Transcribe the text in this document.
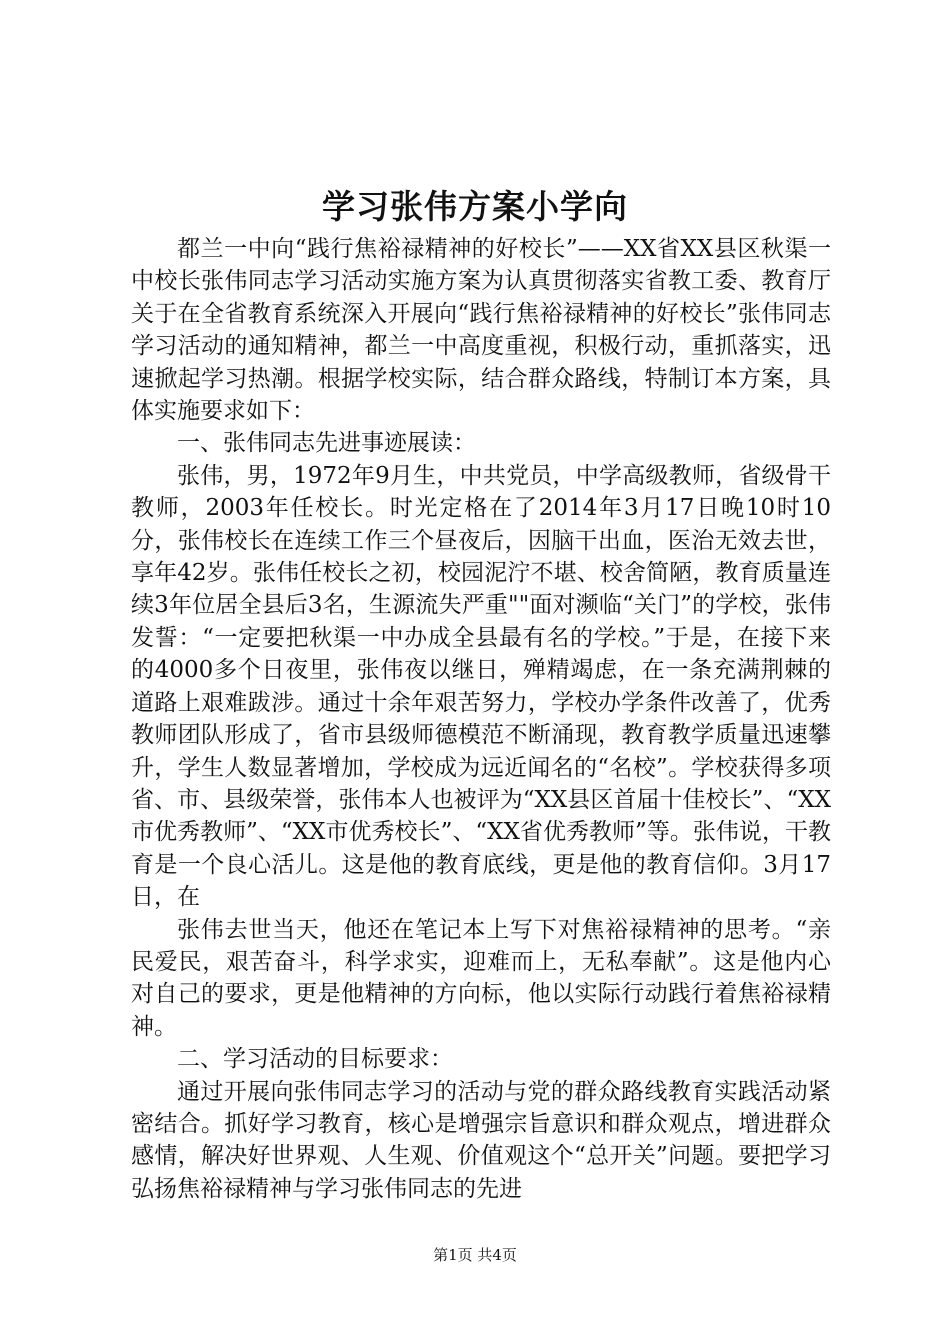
学习张伟方案小学向

都兰一中向“践行焦裕禄精神的好校长”——XX省XX县区秋渠一中校长张伟同志学习活动实施方案为认真贯彻落实省教工委、教育厅关于在全省教育系统深入开展向“践行焦裕禄精神的好校长”张伟同志学习活动的通知精神，都兰一中高度重视，积极行动，重抓落实，迅速掀起学习热潮。根据学校实际，结合群众路线，特制订本方案，具体实施要求如下：

一、张伟同志先进事迹展读：

张伟，男，1972年9月生，中共党员，中学高级教师，省级骨干教师，2003年任校长。时光定格在了2014年3月17日晚10时10分，张伟校长在连续工作三个昼夜后，因脑干出血，医治无效去世，享年42岁。张伟任校长之初，校园泥泞不堪、校舍简陋，教育质量连续3年位居全县后3名，生源流失严重""面对濒临“关门”的学校，张伟发誓：“一定要把秋渠一中办成全县最有名的学校。”于是，在接下来的4000多个日夜里，张伟夜以继日，殚精竭虑，在一条充满荆棘的道路上艰难跋涉。通过十余年艰苦努力，学校办学条件改善了，优秀教师团队形成了，省市县级师德模范不断涌现，教育教学质量迅速攀升，学生人数显著增加，学校成为远近闻名的“名校”。学校获得多项省、市、县级荣誉，张伟本人也被评为“XX县区首届十佳校长”、“XX市优秀教师”、“XX市优秀校长”、“XX省优秀教师”等。张伟说，干教育是一个良心活儿。这是他的教育底线，更是他的教育信仰。3月17日，在

张伟去世当天，他还在笔记本上写下对焦裕禄精神的思考。“亲民爱民，艰苦奋斗，科学求实，迎难而上，无私奉献”。这是他内心对自己的要求，更是他精神的方向标，他以实际行动践行着焦裕禄精神。

二、学习活动的目标要求：

通过开展向张伟同志学习的活动与党的群众路线教育实践活动紧密结合。抓好学习教育，核心是增强宗旨意识和群众观点，增进群众感情，解决好世界观、人生观、价值观这个“总开关”问题。要把学习弘扬焦裕禄精神与学习张伟同志的先进

第1页 共4页
